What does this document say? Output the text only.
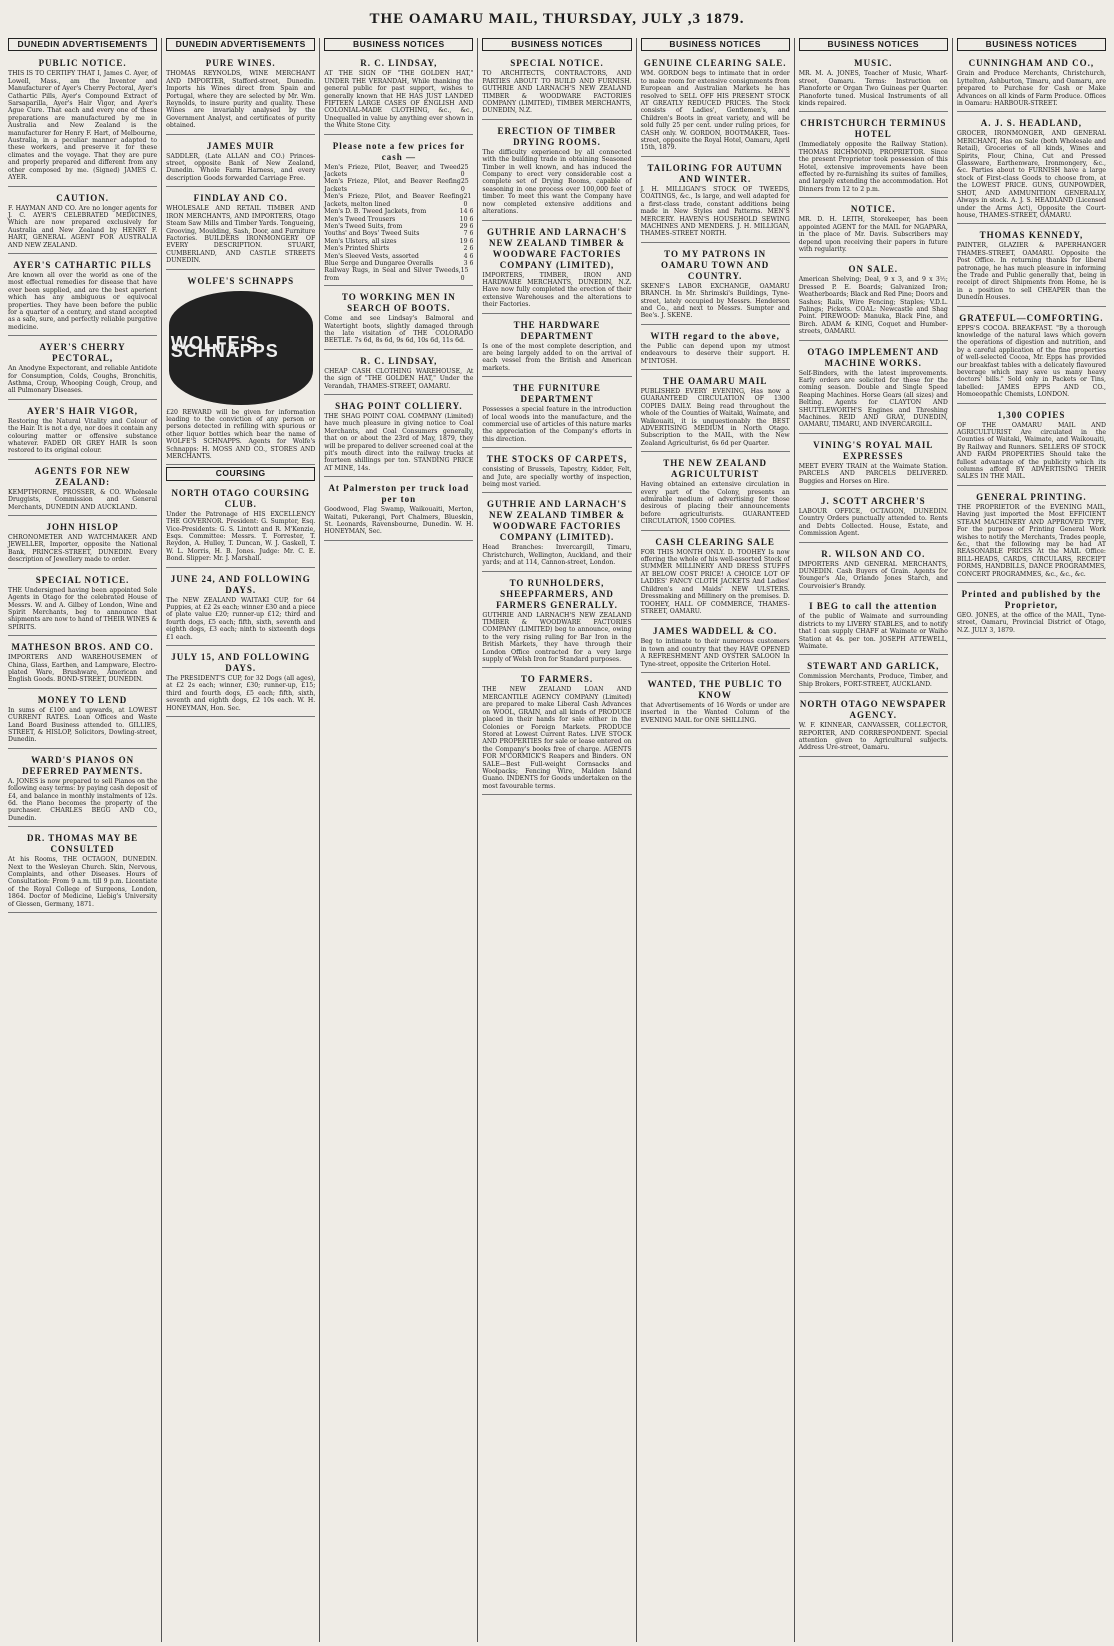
THE OAMARU MAIL, THURSDAY, JULY ,3 1879.
DUNEDIN ADVERTISEMENTS
PUBLIC NOTICE.

THIS IS TO CERTIFY THAT I, James C. Ayer, of Lowell, Mass., am the Inventor and Manufacturer of Ayer's Cherry Pectoral, Ayer's Cathartic Pills, Ayer's Compound Extract of Sarsaparilla, Ayer's Hair Vigor, and Ayer's Ague Cure. That each and every one of these preparations are manufactured by me in Australia and New Zealand is the manufacturer for Henry F. Hart, of Melbourne, Australia, in a peculiar manner adapted to these workers, and preserve it for these climates and the voyage. That they are pure and properly prepared and different from any other composed by me. (Signed) JAMES C. AYER.

CAUTION.

F. HAYMAN AND CO. Are no longer agents for J. C. AYER'S CELEBRATED MEDICINES, Which are now prepared exclusively for Australia and New Zealand by HENRY F. HART, GENERAL AGENT FOR AUSTRALIA AND NEW ZEALAND.

AYER'S CATHARTIC PILLS

Are known all over the world as one of the most effectual remedies for disease that have ever been supplied, and are the best aperient which has any ambiguous or equivocal properties. They have been before the public for a quarter of a century, and stand accepted as a safe, sure, and perfectly reliable purgative medicine.

AYER'S CHERRY PECTORAL,

An Anodyne Expectorant, and reliable Antidote for Consumption, Colds, Coughs, Bronchitis, Asthma, Croup, Whooping Cough, Croup, and all Pulmonary Diseases.

AYER'S HAIR VIGOR,

Restoring the Natural Vitality and Colour of the Hair. It is not a dye, nor does it contain any colouring matter or offensive substance whatever. FADED OR GREY HAIR Is soon restored to its original colour.

AGENTS FOR NEW ZEALAND:

KEMPTHORNE, PROSSER, & CO. Wholesale Druggists, Commission and General Merchants, DUNEDIN AND AUCKLAND.

JOHN HISLOP

CHRONOMETER AND WATCHMAKER AND JEWELLER, Importer, opposite the National Bank, PRINCES-STREET, DUNEDIN. Every description of Jewellery made to order.

SPECIAL NOTICE.

THE Undersigned having been appointed Sole Agents in Otago for the celebrated House of Messrs. W. and A. Gilbey of London, Wine and Spirit Merchants, beg to announce that shipments are now to hand of THEIR WINES & SPIRITS.

MATHESON BROS. AND CO.

IMPORTERS AND WAREHOUSEMEN of China, Glass, Earthen, and Lampware, Electro-plated Ware, Brushware, American and English Goods. BOND-STREET, DUNEDIN.

MONEY TO LEND

In sums of £100 and upwards, at LOWEST CURRENT RATES. Loan Offices and Waste Land Board Business attended to. GILLIES, STREET, & HISLOP, Solicitors, Dowling-street, Dunedin.

WARD'S PIANOS ON DEFERRED PAYMENTS.

A. JONES is now prepared to sell Pianos on the following easy terms: by paying cash deposit of £4, and balance in monthly instalments of 12s. 6d. the Piano becomes the property of the purchaser. CHARLES BEGG AND CO., Dunedin.

DR. THOMAS MAY BE CONSULTED

At his Rooms, THE OCTAGON, DUNEDIN. Next to the Wesleyan Church. Skin, Nervous, Complaints, and other Diseases. Hours of Consultation: From 9 a.m. till 9 p.m. Licentiate of the Royal College of Surgeons, London, 1864. Doctor of Medicine, Liebig's University of Giessen, Germany, 1871.

DUNEDIN ADVERTISEMENTS
PURE WINES.

THOMAS REYNOLDS, WINE MERCHANT AND IMPORTER, Stafford-street, Dunedin. Imports his Wines direct from Spain and Portugal, where they are selected by Mr. Wm. Reynolds, to insure purity and quality. These Wines are invariably analysed by the Government Analyst, and certificates of purity obtained.

JAMES MUIR

SADDLER, (Late ALLAN and CO.) Princes-street, opposite Bank of New Zealand, Dunedin. Whole Farm Harness, and every description Goods forwarded Carriage Free.

FINDLAY AND CO.

WHOLESALE AND RETAIL TIMBER AND IRON MERCHANTS, AND IMPORTERS, Otago Steam Saw Mills and Timber Yards. Tongueing, Grooving, Moulding, Sash, Door, and Furniture Factories. BUILDERS IRONMONGERY OF EVERY DESCRIPTION. STUART, CUMBERLAND, AND CASTLE STREETS DUNEDIN.

WOLFE'S SCHNAPPS
WOLFE'S SCHNAPPS

£20 REWARD will be given for information leading to the conviction of any person or persons detected in refilling with spurious or other liquor bottles which bear the name of WOLFE'S SCHNAPPS. Agents for Wolfe's Schnapps: H. MOSS AND CO., STORES AND MERCHANTS.

COURSING
NORTH OTAGO COURSING CLUB.

Under the Patronage of HIS EXCELLENCY THE GOVERNOR. President: G. Sumpter, Esq. Vice-Presidents: G. S. Lintott and R. M'Kenzie, Esqs. Committee: Messrs. T. Forrester, T. Reydon, A. Hulley, T. Duncan, W. J. Gaskell, T. W. L. Morris, H. B. Jones. Judge: Mr. C. E. Bond. Slipper: Mr. J. Marshall.

JUNE 24, AND FOLLOWING DAYS.

The NEW ZEALAND WAITAKI CUP, for 64 Puppies, at £2 2s each; winner £30 and a piece of plate value £20; runner-up £12; third and fourth dogs, £5 each; fifth, sixth, seventh and eighth dogs, £3 each; ninth to sixteenth dogs £1 each.

JULY 15, AND FOLLOWING DAYS.

The PRESIDENT'S CUP, for 32 Dogs (all ages), at £2 2s each; winner, £30; runner-up, £15; third and fourth dogs, £5 each; fifth, sixth, seventh and eighth dogs, £2 10s each. W. H. HONEYMAN, Hon. Sec.

BUSINESS NOTICES
R. C. LINDSAY,

AT THE SIGN OF "THE GOLDEN HAT," UNDER THE VERANDAH, While thanking the general public for past support, wishes to generally known that HE HAS JUST LANDED FIFTEEN LARGE CASES OF ENGLISH AND COLONIAL-MADE CLOTHING, &c., &c., Unequalled in value by anything ever shown in the White Stone City.

Please note a few prices for cash —
Men's Frieze, Pilot, Beaver, and Tweed Jackets
25 0
Men's Frieze, Pilot, and Beaver Reefing Jackets
25 0
Men's Frieze, Pilot, and Beaver Reefing Jackets, melton lined
21 0
Men's D. B. Tweed Jackets, from	14 6
Men's Tweed Trousers	10 6
Men's Tweed Suits, from	29 6
Youths' and Boys' Tweed Suits	7 6
Men's Ulsters, all sizes	19 6
Men's Printed Shirts	2 6
Men's Sleeved Vests, assorted	4 6
Blue Serge and Dungaree Overalls	3 6
Railway Rugs, in Seal and Silver Tweeds, from
15 0
TO WORKING MEN IN SEARCH OF BOOTS.

Come and see Lindsay's Balmoral and Watertight boots, slightly damaged through the late visitation of THE COLORADO BEETLE. 7s 6d, 8s 6d, 9s 6d, 10s 6d, 11s 6d.

R. C. LINDSAY,

CHEAP CASH CLOTHING WAREHOUSE, At the sign of "THE GOLDEN HAT," Under the Verandah, THAMES-STREET, OAMARU.

SHAG POINT COLLIERY.

THE SHAG POINT COAL COMPANY (Limited) have much pleasure in giving notice to Coal Merchants, and Coal Consumers generally, that on or about the 23rd of May, 1879, they will be prepared to deliver screened coal at the pit's mouth direct into the railway trucks at fourteen shillings per ton. STANDING PRICE AT MINE, 14s.

At Palmerston per truck load per ton

Goodwood, Flag Swamp, Waikouaiti, Merton, Waitati, Pukerangi, Port Chalmers, Blueskin, St. Leonards, Ravensbourne, Dunedin. W. H. HONEYMAN, Sec.

BUSINESS NOTICES
SPECIAL NOTICE.

TO ARCHITECTS, CONTRACTORS, AND PARTIES ABOUT TO BUILD AND FURNISH. GUTHRIE AND LARNACH'S NEW ZEALAND TIMBER & WOODWARE FACTORIES COMPANY (LIMITED), TIMBER MERCHANTS, DUNEDIN, N.Z.

ERECTION OF TIMBER DRYING ROOMS.

The difficulty experienced by all connected with the building trade in obtaining Seasoned Timber in well known, and has induced the Company to erect very considerable cost a complete set of Drying Rooms, capable of seasoning in one process over 100,000 feet of timber. To meet this want the Company have now completed extensive additions and alterations.

GUTHRIE AND LARNACH'S NEW ZEALAND TIMBER & WOODWARE FACTORIES COMPANY (LIMITED),

IMPORTERS, TIMBER, IRON AND HARDWARE MERCHANTS, DUNEDIN, N.Z. Have now fully completed the erection of their extensive Warehouses and the alterations to their Factories.

THE HARDWARE DEPARTMENT

Is one of the most complete description, and are being largely added to on the arrival of each vessel from the British and American markets.

THE FURNITURE DEPARTMENT

Possesses a special feature in the introduction of local woods into the manufacture, and the commercial use of articles of this nature marks the appreciation of the Company's efforts in this direction.

THE STOCKS OF CARPETS,

consisting of Brussels, Tapestry, Kidder, Felt, and Jute, are specially worthy of inspection, being most varied.

GUTHRIE AND LARNACH'S NEW ZEALAND TIMBER & WOODWARE FACTORIES COMPANY (LIMITED).

Head Branches: Invercargill, Timaru, Christchurch, Wellington, Auckland, and their yards; and at 114, Cannon-street, London.

TO RUNHOLDERS, SHEEPFARMERS, AND FARMERS GENERALLY.

GUTHRIE AND LARNACH'S NEW ZEALAND TIMBER & WOODWARE FACTORIES COMPANY (LIMITED) beg to announce, owing to the very rising ruling for Bar Iron in the British Markets, they have through their London Office contracted for a very large supply of Welsh Iron for Standard purposes.

TO FARMERS.

THE NEW ZEALAND LOAN AND MERCANTILE AGENCY COMPANY (Limited) are prepared to make Liberal Cash Advances on WOOL, GRAIN, and all kinds of PRODUCE placed in their hands for sale either in the Colonies or Foreign Markets. PRODUCE Stored at Lowest Current Rates. LIVE STOCK AND PROPERTIES for sale or lease entered on the Company's books free of charge. AGENTS FOR M'CORMICK'S Reapers and Binders. ON SALE—Best Full-weight Cornsacks and Woolpacks; Fencing Wire, Malden Island Guano. INDENTS for Goods undertaken on the most favourable terms.

BUSINESS NOTICES
GENUINE CLEARING SALE.

WM. GORDON begs to intimate that in order to make room for extensive consignments from European and Australian Markets he has resolved to SELL OFF HIS PRESENT STOCK AT GREATLY REDUCED PRICES. The Stock consists of Ladies', Gentlemen's, and Children's Boots in great variety, and will be sold fully 25 per cent. under ruling prices, for CASH only. W. GORDON, BOOTMAKER, Tees-street, opposite the Royal Hotel, Oamaru, April 15th, 1879.

TAILORING FOR AUTUMN AND WINTER.

J. H. MILLIGAN'S STOCK OF TWEEDS, COATINGS, &c., Is large, and well adapted for a first-class trade, constant additions being made in New Styles and Patterns. MEN'S MERCERY. HAVEN'S HOUSEHOLD SEWING MACHINES AND MENDERS. J. H. MILLIGAN, THAMES-STREET NORTH.

TO MY PATRONS IN OAMARU TOWN AND COUNTRY.

SKENE'S LABOR EXCHANGE, OAMARU BRANCH. In Mr. Shrimski's Buildings, Tyne-street, lately occupied by Messrs. Henderson and Co., and next to Messrs. Sumpter and Bee's. J. SKENE.

WITH regard to the above,

the Public can depend upon my utmost endeavours to deserve their support. H. M'INTOSH.

THE OAMARU MAIL

PUBLISHED EVERY EVENING, Has now a GUARANTEED CIRCULATION OF 1300 COPIES DAILY. Being read throughout the whole of the Counties of Waitaki, Waimate, and Waikouaiti, it is unquestionably the BEST ADVERTISING MEDIUM in North Otago. Subscription to the MAIL, with the New Zealand Agriculturist, 6s 6d per Quarter.

THE NEW ZEALAND AGRICULTURIST

Having obtained an extensive circulation in every part of the Colony, presents an admirable medium of advertising for those desirous of placing their announcements before agriculturists. GUARANTEED CIRCULATION, 1500 COPIES.

CASH CLEARING SALE

FOR THIS MONTH ONLY. D. TOOHEY Is now offering the whole of his well-assorted Stock of SUMMER MILLINERY AND DRESS STUFFS AT BELOW COST PRICE! A CHOICE LOT OF LADIES' FANCY CLOTH JACKETS And Ladies' Children's and Maids' NEW ULSTERS. Dressmaking and Millinery on the premises. D. TOOHEY, HALL OF COMMERCE, THAMES-STREET, OAMARU.

JAMES WADDELL & CO.

Beg to intimate to their numerous customers in town and country that they HAVE OPENED A REFRESHMENT AND OYSTER SALOON In Tyne-street, opposite the Criterion Hotel.

WANTED, THE PUBLIC TO KNOW

that Advertisements of 16 Words or under are inserted in the Wanted Column of the EVENING MAIL for ONE SHILLING.

BUSINESS NOTICES
MUSIC.

MR. M. A. JONES, Teacher of Music, Wharf-street, Oamaru. Terms: Instruction on Pianoforte or Organ Two Guineas per Quarter. Pianoforte tuned. Musical Instruments of all kinds repaired.

CHRISTCHURCH TERMINUS HOTEL

(Immediately opposite the Railway Station). THOMAS RICHMOND, PROPRIETOR. Since the present Proprietor took possession of this Hotel, extensive improvements have been effected by re-furnishing its suites of families, and largely extending the accommodation. Hot Dinners from 12 to 2 p.m.

NOTICE.

MR. D. H. LEITH, Storekeeper, has been appointed AGENT for the MAIL for NGAPARA, in the place of Mr. Davis. Subscribers may depend upon receiving their papers in future with regularity.

ON SALE.

American Shelving; Deal, 9 x 3, and 9 x 3½; Dressed P. E. Boards; Galvanized Iron; Weatherboards; Black and Red Pine; Doors and Sashes; Rails, Wire Fencing; Staples; V.D.L. Palings; Pickets. COAL: Newcastle and Shag Point. PIREWOOD: Manuka, Black Pine, and Birch. ADAM & KING, Coquet and Humber-streets, OAMARU.

OTAGO IMPLEMENT AND MACHINE WORKS.

Self-Binders, with the latest improvements. Early orders are solicited for these for the coming season. Double and Single Speed Reaping Machines. Horse Gears (all sizes) and Belting. Agents for CLAYTON AND SHUTTLEWORTH'S Engines and Threshing Machines. REID AND GRAY, DUNEDIN, OAMARU, TIMARU, AND INVERCARGILL.

VINING'S ROYAL MAIL EXPRESSES

MEET EVERY TRAIN at the Waimate Station. PARCELS AND PARCELS DELIVERED. Buggies and Horses on Hire.

J. SCOTT ARCHER'S

LABOUR OFFICE, OCTAGON, DUNEDIN. Country Orders punctually attended to. Rents and Debts Collected. House, Estate, and Commission Agent.

R. WILSON AND CO.

IMPORTERS AND GENERAL MERCHANTS, DUNEDIN. Cash Buyers of Grain. Agents for Younger's Ale, Orlando Jones Starch, and Courvoisier's Brandy.

I BEG to call the attention

of the public of Waimate and surrounding districts to my LIVERY STABLES, and to notify that I can supply CHAFF at Waimate or Waiho Station at 4s. per ton. JOSEPH ATTEWELL, Waimate.

STEWART AND GARLICK,

Commission Merchants, Produce, Timber, and Ship Brokers, FORT-STREET, AUCKLAND.

NORTH OTAGO NEWSPAPER AGENCY.

W. F. KINNEAR, CANVASSER, COLLECTOR, REPORTER, AND CORRESPONDENT. Special attention given to Agricultural subjects. Address Ure-street, Oamaru.

BUSINESS NOTICES
CUNNINGHAM AND CO.,

Grain and Produce Merchants, Christchurch, Lyttelton, Ashburton, Timaru, and Oamaru, are prepared to Purchase for Cash or Make Advances on all kinds of Farm Produce. Offices in Oamaru: HARBOUR-STREET.

A. J. S. HEADLAND,

GROCER, IRONMONGER, AND GENERAL MERCHANT, Has on Sale (both Wholesale and Retail), Groceries of all kinds, Wines and Spirits, Flour, China, Cut and Pressed Glassware, Earthenware, Ironmongery, &c., &c. Parties about to FURNISH have a large stock of First-class Goods to choose from, at the LOWEST PRICE. GUNS, GUNPOWDER, SHOT, AND AMMUNITION GENERALLY, Always in stock. A. J. S. HEADLAND (Licensed under the Arms Act), Opposite the Court-house, THAMES-STREET, OAMARU.

THOMAS KENNEDY,

PAINTER, GLAZIER & PAPERHANGER THAMES-STREET, OAMARU. Opposite the Post Office. In returning thanks for liberal patronage, he has much pleasure in informing the Trade and Public generally that, being in receipt of direct Shipments from Home, he is in a position to sell CHEAPER than the Dunedin Houses.

GRATEFUL—COMFORTING.

EPPS'S COCOA. BREAKFAST. "By a thorough knowledge of the natural laws which govern the operations of digestion and nutrition, and by a careful application of the fine properties of well-selected Cocoa, Mr. Epps has provided our breakfast tables with a delicately flavoured beverage which may save us many heavy doctors' bills." Sold only in Packets or Tins, labelled: JAMES EPPS AND CO., Homoeopathic Chemists, LONDON.

1,300 COPIES

OF THE OAMARU MAIL AND AGRICULTURIST Are circulated in the Counties of Waitaki, Waimate, and Waikouaiti, By Railway and Runners. SELLERS OF STOCK AND FARM PROPERTIES Should take the fullest advantage of the publicity which its columns afford BY ADVERTISING THEIR SALES IN THE MAIL.

GENERAL PRINTING.

THE PROPRIETOR of the EVENING MAIL, Having just imported the Most EFFICIENT STEAM MACHINERY AND APPROVED TYPE, For the purpose of Printing General Work wishes to notify the Merchants, Trades people, &c., that the following may be had AT REASONABLE PRICES At the MAIL Office: BILL-HEADS, CARDS, CIRCULARS, RECEIPT FORMS, HANDBILLS, DANCE PROGRAMMES, CONCERT PROGRAMMES, &c., &c., &c.

Printed and published by the Proprietor,

GEO. JONES, at the office of the MAIL, Tyne-street, Oamaru, Provincial District of Otago, N.Z. JULY 3, 1879.
